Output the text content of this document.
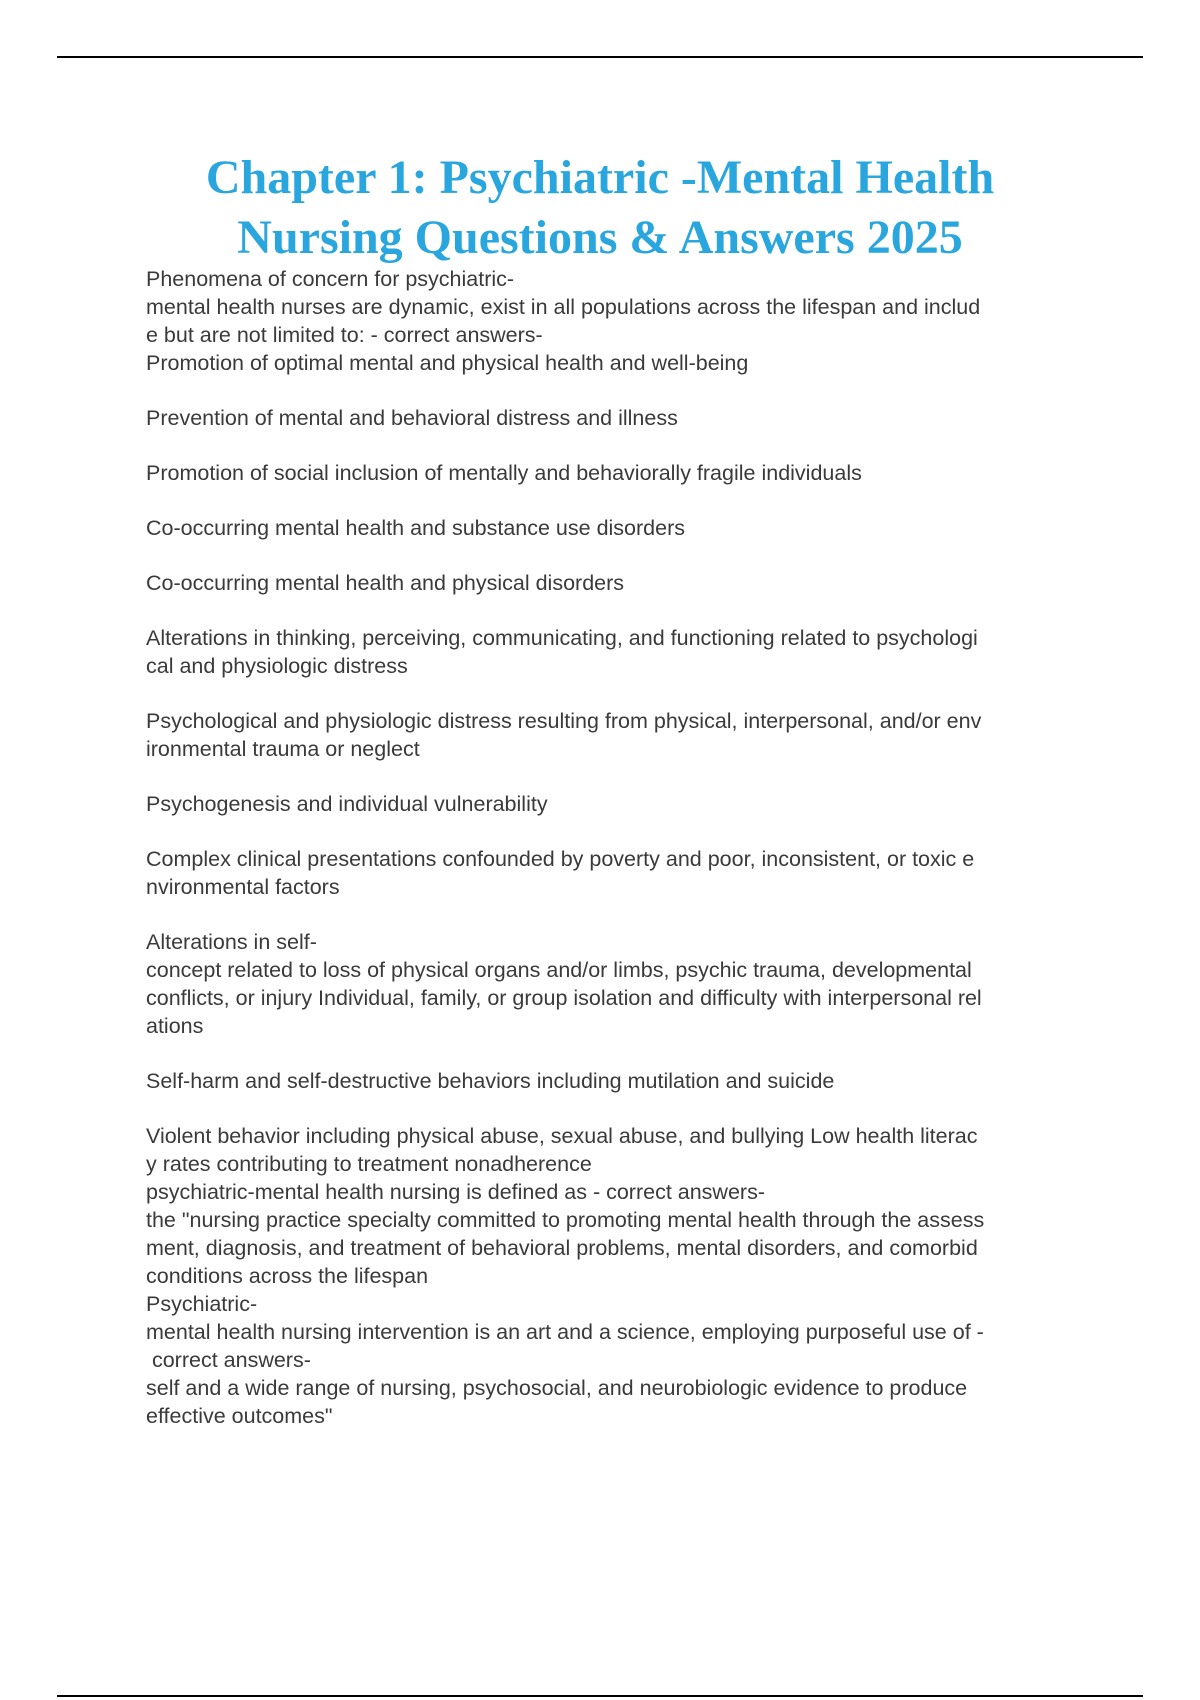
Chapter 1: Psychiatric -Mental Health
Nursing Questions & Answers 2025
Phenomena of concern for psychiatric-
mental health nurses are dynamic, exist in all populations across the lifespan and includ
e but are not limited to: - correct answers-
Promotion of optimal mental and physical health and well-being
Prevention of mental and behavioral distress and illness
Promotion of social inclusion of mentally and behaviorally fragile individuals
Co-occurring mental health and substance use disorders
Co-occurring mental health and physical disorders
Alterations in thinking, perceiving, communicating, and functioning related to psychologi
cal and physiologic distress
Psychological and physiologic distress resulting from physical, interpersonal, and/or env
ironmental trauma or neglect
Psychogenesis and individual vulnerability
Complex clinical presentations confounded by poverty and poor, inconsistent, or toxic e
nvironmental factors
Alterations in self-
concept related to loss of physical organs and/or limbs, psychic trauma, developmental
conflicts, or injury Individual, family, or group isolation and difficulty with interpersonal rel
ations
Self-harm and self-destructive behaviors including mutilation and suicide
Violent behavior including physical abuse, sexual abuse, and bullying Low health literac
y rates contributing to treatment nonadherence
psychiatric-mental health nursing is defined as - correct answers-
the "nursing practice specialty committed to promoting mental health through the assess
ment, diagnosis, and treatment of behavioral problems, mental disorders, and comorbid
conditions across the lifespan
Psychiatric-
mental health nursing intervention is an art and a science, employing purposeful use of -
correct answers-
self and a wide range of nursing, psychosocial, and neurobiologic evidence to produce
effective outcomes"
